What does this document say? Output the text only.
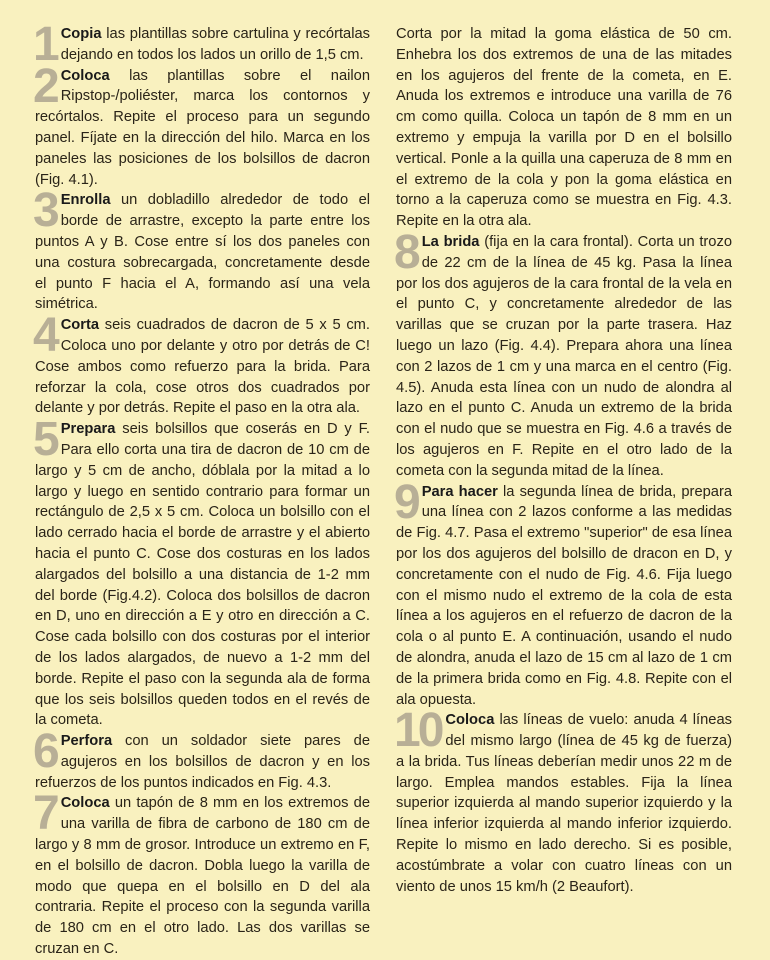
1 Copia las plantillas sobre cartulina y recórtalas dejando en todos los lados un orillo de 1,5 cm.

2 Coloca las plantillas sobre el nailon Ripstop-/poliéster, marca los contornos y recórtalos. Repite el proceso para un segundo panel. Fíjate en la dirección del hilo. Marca en los paneles las posiciones de los bolsillos de dacron (Fig. 4.1).

3 Enrolla un dobladillo alrededor de todo el borde de arrastre, excepto la parte entre los puntos A y B. Cose entre sí los dos paneles con una costura sobrecargada, concretamente desde el punto F hacia el A, formando así una vela simétrica.

4 Corta seis cuadrados de dacron de 5 x 5 cm. Coloca uno por delante y otro por detrás de C! Cose ambos como refuerzo para la brida. Para reforzar la cola, cose otros dos cuadrados por delante y por detrás. Repite el paso en la otra ala.

5 Prepara seis bolsillos que coserás en D y F. Para ello corta una tira de dacron de 10 cm de largo y 5 cm de ancho, dóblala por la mitad a lo largo y luego en sentido contrario para formar un rectángulo de 2,5 x 5 cm. Coloca un bolsillo con el lado cerrado hacia el borde de arrastre y el abierto hacia el punto C. Cose dos costuras en los lados alargados del bolsillo a una distancia de 1-2 mm del borde (Fig.4.2). Coloca dos bolsillos de dacron en D, uno en dirección a E y otro en dirección a C. Cose cada bolsillo con dos costuras por el interior de los lados alargados, de nuevo a 1-2 mm del borde. Repite el paso con la segunda ala de forma que los seis bolsillos queden todos en el revés de la cometa.

6 Perfora con un soldador siete pares de agujeros en los bolsillos de dacron y en los refuerzos de los puntos indicados en Fig. 4.3.

7 Coloca un tapón de 8 mm en los extremos de una varilla de fibra de carbono de 180 cm de largo y 8 mm de grosor. Introduce un extremo en F, en el bolsillo de dacron. Dobla luego la varilla de modo que quepa en el bolsillo en D del ala contraria. Repite el proceso con la segunda varilla de 180 cm en el otro lado. Las dos varillas se cruzan en C.

Corta por la mitad la goma elástica de 50 cm. Enhebra los dos extremos de una de las mitades en los agujeros del frente de la cometa, en E. Anuda los extremos e introduce una varilla de 76 cm como quilla. Coloca un tapón de 8 mm en un extremo y empuja la varilla por D en el bolsillo vertical. Ponle a la quilla una caperuza de 8 mm en el extremo de la cola y pon la goma elástica en torno a la caperuza como se muestra en Fig. 4.3. Repite en la otra ala.

8 La brida (fija en la cara frontal). Corta un trozo de 22 cm de la línea de 45 kg. Pasa la línea por los dos agujeros de la cara frontal de la vela en el punto C, y concretamente alrededor de las varillas que se cruzan por la parte trasera. Haz luego un lazo (Fig. 4.4). Prepara ahora una línea con 2 lazos de 1 cm y una marca en el centro (Fig. 4.5). Anuda esta línea con un nudo de alondra al lazo en el punto C. Anuda un extremo de la brida con el nudo que se muestra en Fig. 4.6 a través de los agujeros en F. Repite en el otro lado de la cometa con la segunda mitad de la línea.

9 Para hacer la segunda línea de brida, prepara una línea con 2 lazos conforme a las medidas de Fig. 4.7. Pasa el extremo "superior" de esa línea por los dos agujeros del bolsillo de dracon en D, y concretamente con el nudo de Fig. 4.6. Fija luego con el mismo nudo el extremo de la cola de esta línea a los agujeros en el refuerzo de dacron de la cola o al punto E. A continuación, usando el nudo de alondra, anuda el lazo de 15 cm al lazo de 1 cm de la primera brida como en Fig. 4.8. Repite con el ala opuesta.

10 Coloca las líneas de vuelo: anuda 4 líneas del mismo largo (línea de 45 kg de fuerza) a la brida. Tus líneas deberían medir unos 22 m de largo. Emplea mandos estables. Fija la línea superior izquierda al mando superior izquierdo y la línea inferior izquierda al mando inferior izquierdo. Repite lo mismo en lado derecho. Si es posible, acostúmbrate a volar con cuatro líneas con un viento de unos 15 km/h (2 Beaufort).
